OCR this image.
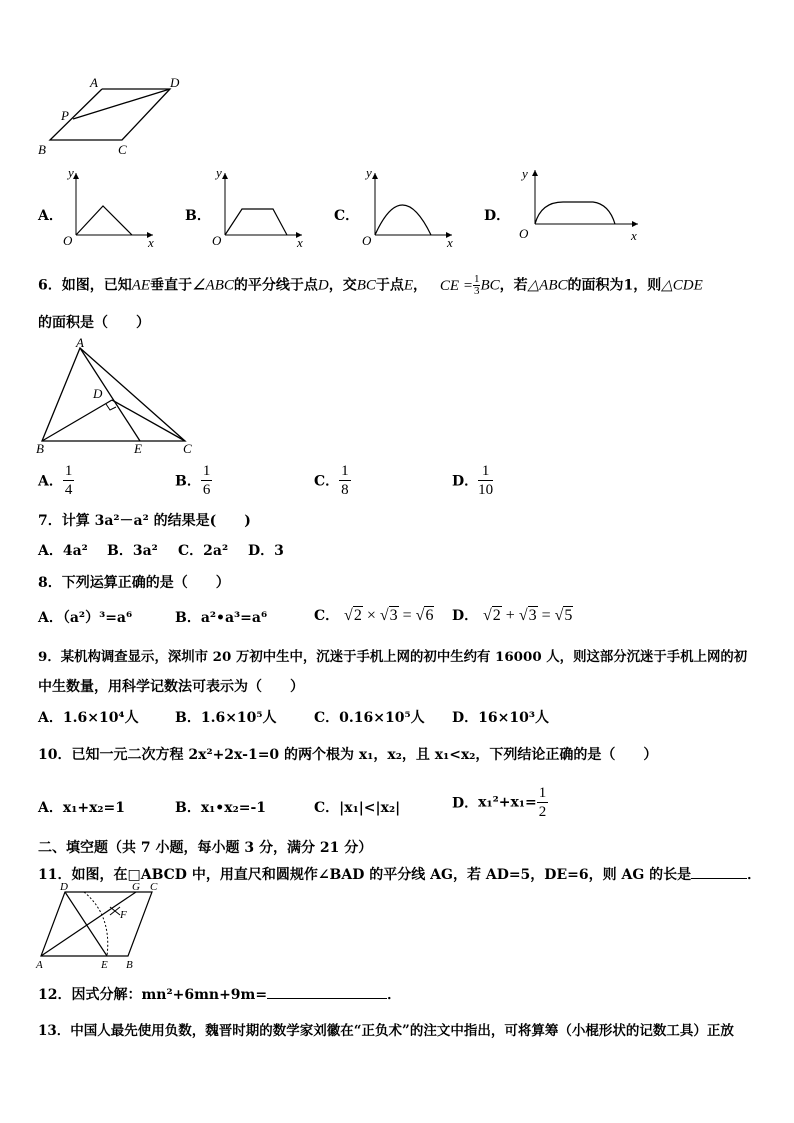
A	D
P
B	C
A．
y
x
O
B．
y
x
O
C．
y
x
O
D．
y
x
O
6．如图，已知AE垂直于∠ABC的平分线于点D，交BC于点E， CE = $\frac{1}{3}$ BC，若△ABC的面积为1，则△CDE
的面积是（　　）
A
D
B	E	C
A． $\frac{1}{4}$	B． $\frac{1}{6}$	C． $\frac{1}{8}$	D． $\frac{1}{10}$
7．计算 3a²－a² 的结果是(　　)
A．4a² B．3a² C．2a² D．3
8．下列运算正确的是（　　）
A．（a²）³=a⁶	B．a²•a³=a⁶	C． √2 × √3 = √6 D． √2 + √3 = √5
9．某机构调查显示，深圳市 20 万初中生中，沉迷于手机上网的初中生约有 16000 人，则这部分沉迷于手机上网的初
中生数量，用科学记数法可表示为（　　）
A．1.6×10⁴人	B．1.6×10⁵人	C．0.16×10⁵人 D．16×10³人
10．已知一元二次方程 2x²+2x-1=0 的两个根为 x₁，x₂，且 x₁<x₂，下列结论正确的是（　　）
A．x₁+x₂=1	B．x₁•x₂=-1	C．|x₁|<|x₂|	D．$x_1^2+x_1= \frac{1}{2}$
二、填空题（共 7 小题，每小题 3 分，满分 21 分）
11．如图，在□ABCD 中，用直尺和圆规作∠BAD 的平分线 AG，若 AD=5，DE=6，则 AG 的长是	．
D	G C
F
A	E B
12．因式分解：mn²+6mn+9m=	．
13．中国人最先使用负数，魏晋时期的数学家刘徽在“正负术”的注文中指出，可将算筹（小棍形状的记数工具）正放
